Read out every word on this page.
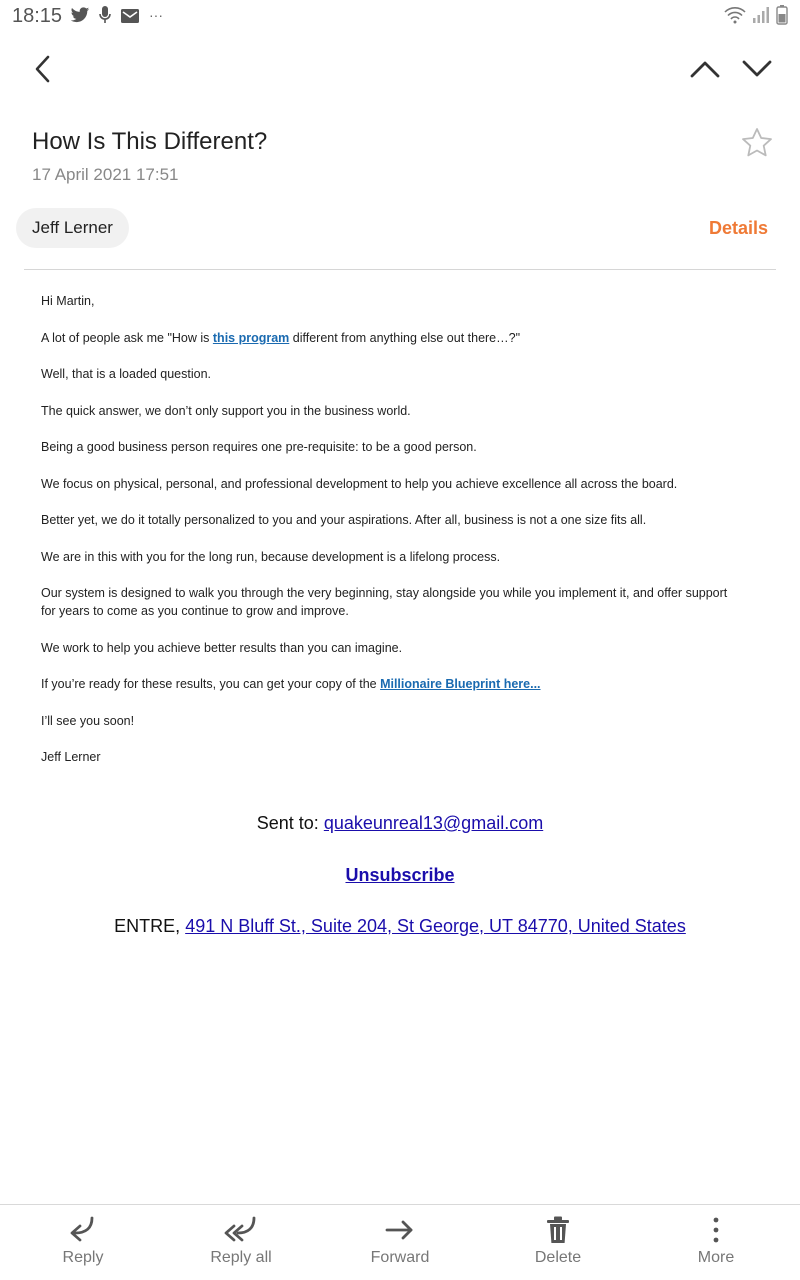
18:15	···
How Is This Different?
17 April 2021 17:51
Jeff Lerner	Details

Hi Martin,

A lot of people ask me "How is this program different from anything else out there…?"

Well, that is a loaded question.

The quick answer, we don’t only support you in the business world.

Being a good business person requires one pre-requisite: to be a good person.

We focus on physical, personal, and professional development to help you achieve excellence all across the board.

Better yet, we do it totally personalized to you and your aspirations. After all, business is not a one size fits all.

We are in this with you for the long run, because development is a lifelong process.

Our system is designed to walk you through the very beginning, stay alongside you while you implement it, and offer support for years to come as you continue to grow and improve.

We work to help you achieve better results than you can imagine.

If you’re ready for these results, you can get your copy of the Millionaire Blueprint here...

I’ll see you soon!

Jeff Lerner

Sent to: quakeunreal13@gmail.com
Unsubscribe
ENTRE, 491 N Bluff St., Suite 204, St George, UT 84770, United States
Reply	Reply all	Forward	Delete	More
